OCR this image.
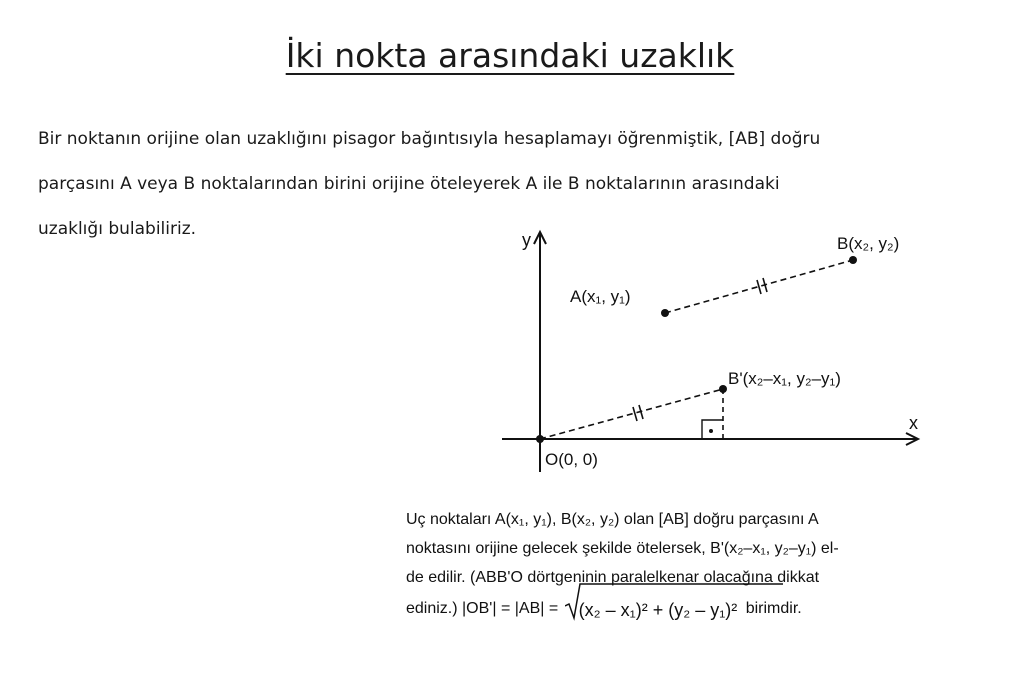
İki nokta arasındaki uzaklık
Bir noktanın orijine olan uzaklığını pisagor bağıntısıyla hesaplamayı öğrenmiştik, [AB] doğru
parçasını A veya B noktalarından birini orijine öteleyerek A ile B noktalarının arasındaki
uzaklığı bulabiliriz.
y
x
A(x₁, y₁)
B(x₂, y₂)
B'(x₂–x₁, y₂–y₁)
O(0, 0)
Uç noktaları A(x₁, y₁), B(x₂, y₂) olan [AB] doğru parçasını A
noktasını orijine gelecek şekilde ötelersek, B'(x₂–x₁, y₂–y₁) el-
de edilir. (ABB'O dörtgeninin paralelkenar olacağına dikkat
ediniz.) |OB'| = |AB| = (x₂ – x₁)² + (y₂ – y₁)² birimdir.
